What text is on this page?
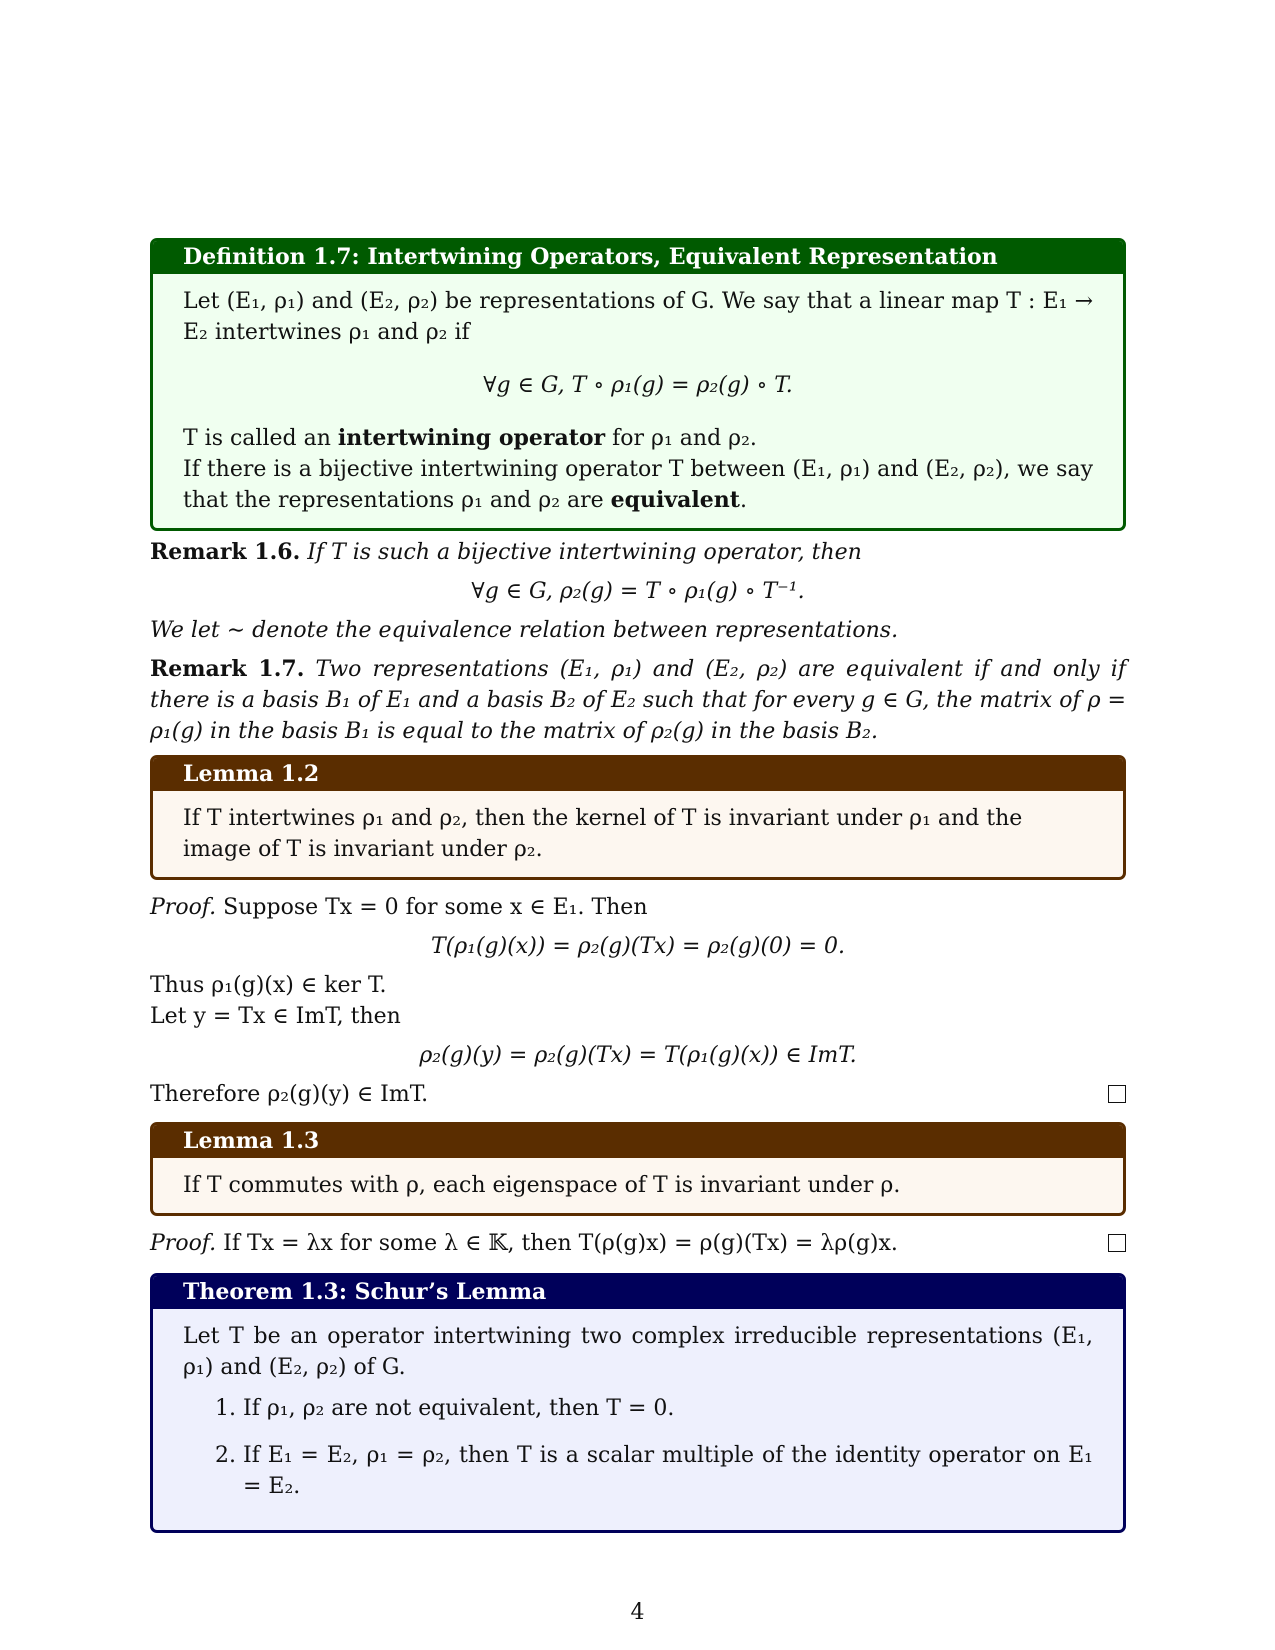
Definition 1.7: Intertwining Operators, Equivalent Representation

Let (E₁, ρ₁) and (E₂, ρ₂) be representations of G. We say that a linear map T : E₁ → E₂ intertwines ρ₁ and ρ₂ if

∀g ∈ G, T ∘ ρ₁(g) = ρ₂(g) ∘ T.

T is called an intertwining operator for ρ₁ and ρ₂.

If there is a bijective intertwining operator T between (E₁, ρ₁) and (E₂, ρ₂), we say that the representations ρ₁ and ρ₂ are equivalent.

Remark 1.6. If T is such a bijective intertwining operator, then

∀g ∈ G, ρ₂(g) = T ∘ ρ₁(g) ∘ T⁻¹.

We let ∼ denote the equivalence relation between representations.

Remark 1.7. Two representations (E₁, ρ₁) and (E₂, ρ₂) are equivalent if and only if there is a basis B₁ of E₁ and a basis B₂ of E₂ such that for every g ∈ G, the matrix of ρ = ρ₁(g) in the basis B₁ is equal to the matrix of ρ₂(g) in the basis B₂.

Lemma 1.2
If T intertwines ρ₁ and ρ₂, then the kernel of T is invariant under ρ₁ and the image of T is invariant under ρ₂.

Proof. Suppose Tx = 0 for some x ∈ E₁. Then

T(ρ₁(g)(x)) = ρ₂(g)(Tx) = ρ₂(g)(0) = 0.

Thus ρ₁(g)(x) ∈ ker T.

Let y = Tx ∈ ImT, then

ρ₂(g)(y) = ρ₂(g)(Tx) = T(ρ₁(g)(x)) ∈ ImT.

Therefore ρ₂(g)(y) ∈ ImT.

Lemma 1.3
If T commutes with ρ, each eigenspace of T is invariant under ρ.

Proof. If Tx = λx for some λ ∈ 𝕂, then T(ρ(g)x) = ρ(g)(Tx) = λρ(g)x.

Theorem 1.3: Schur’s Lemma

Let T be an operator intertwining two complex irreducible representations (E₁, ρ₁) and (E₂, ρ₂) of G.

1. If ρ₁, ρ₂ are not equivalent, then T = 0.
2. If E₁ = E₂, ρ₁ = ρ₂, then T is a scalar multiple of the identity operator on E₁ = E₂.
4
